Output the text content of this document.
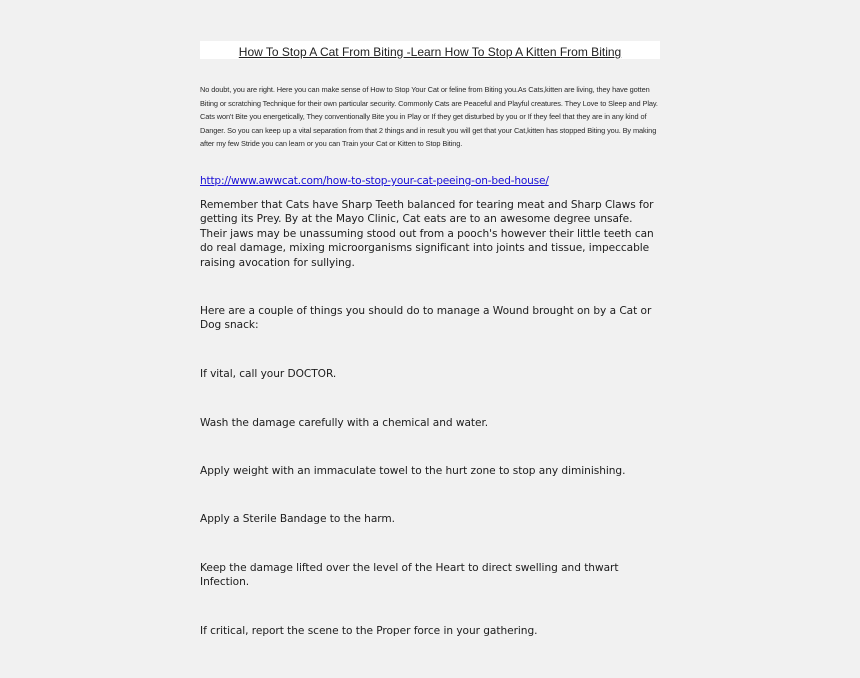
How To Stop A Cat From Biting -Learn How To Stop A Kitten From Biting
No doubt, you are right. Here you can make sense of How to Stop Your Cat or feline from Biting you.As Cats,kitten are living, they have gotten Biting or scratching Technique for their own particular security. Commonly Cats are Peaceful and Playful creatures. They Love to Sleep and Play. Cats won't Bite you energetically, They conventionally Bite you in Play or If they get disturbed by you or If they feel that they are in any kind of Danger. So you can keep up a vital separation from that 2 things and in result you will get that your Cat,kitten has stopped Biting you. By making after my few Stride you can learn or you can Train your Cat or Kitten to Stop Biting.
http://www.awwcat.com/how-to-stop-your-cat-peeing-on-bed-house/
Remember that Cats have Sharp Teeth balanced for tearing meat and Sharp Claws for getting its Prey. By at the Mayo Clinic, Cat eats are to an awesome degree unsafe. Their jaws may be unassuming stood out from a pooch's however their little teeth can do real damage, mixing microorganisms significant into joints and tissue, impeccable raising avocation for sullying.
Here are a couple of things you should do to manage a Wound brought on by a Cat or Dog snack:
If vital, call your DOCTOR.
Wash the damage carefully with a chemical and water.
Apply weight with an immaculate towel to the hurt zone to stop any diminishing.
Apply a Sterile Bandage to the harm.
Keep the damage lifted over the level of the Heart to direct swelling and thwart Infection.
If critical, report the scene to the Proper force in your gathering.
